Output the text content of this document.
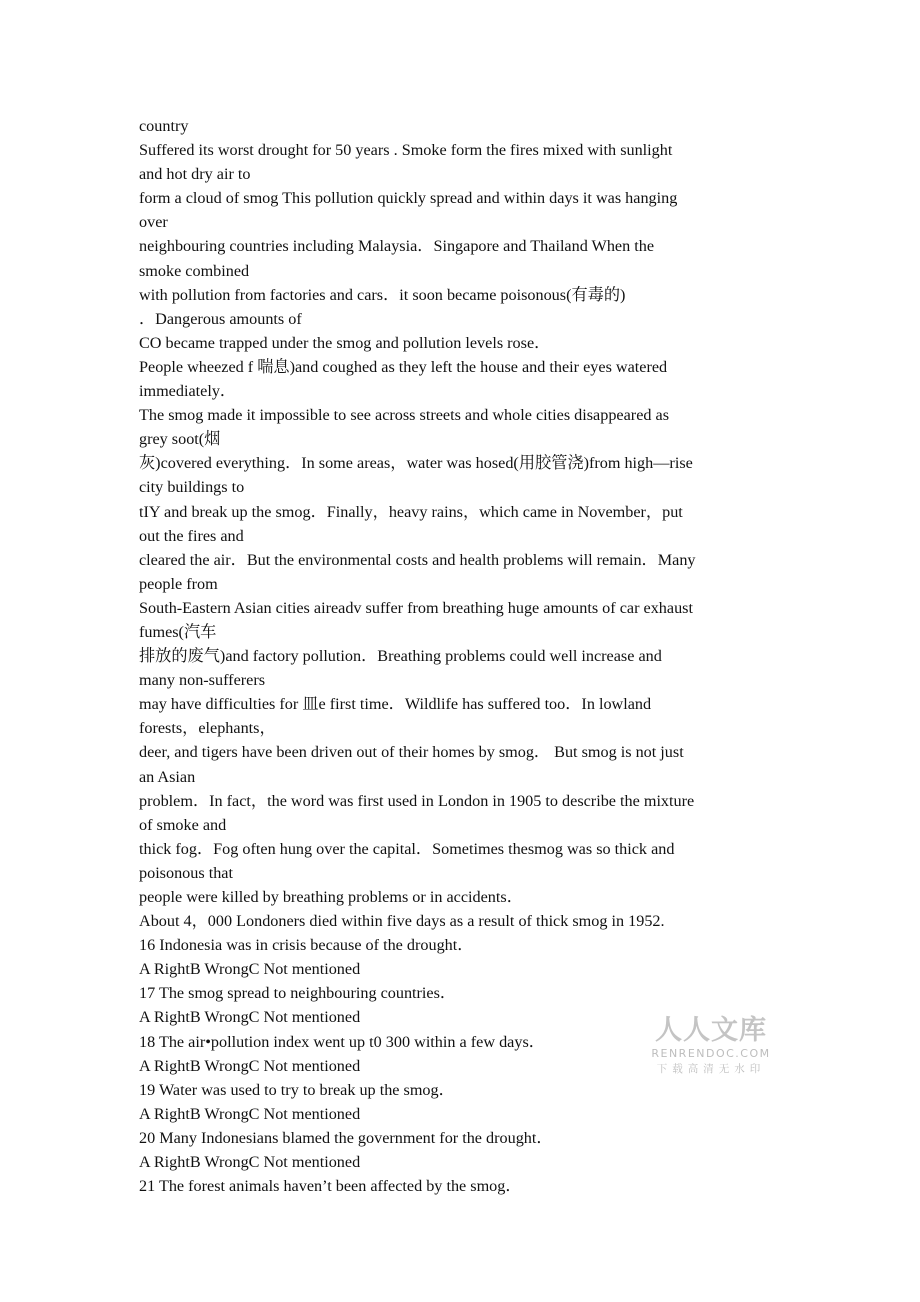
country
Suffered its worst drought for 50 years . Smoke form the fires mixed with sunlight
and hot dry air to
form a cloud of smog This pollution quickly spread and within days it was hanging
over
neighbouring countries including Malaysia．Singapore and Thailand When the
smoke combined
with pollution from factories and cars．it soon became poisonous(有毒的)
．Dangerous amounts of
CO became trapped under the smog and pollution levels rose．
People wheezed f 喘息)and coughed as they left the house and their eyes watered
immediately．
The smog made it impossible to see across streets and whole cities disappeared as
grey soot(烟
灰)covered everything．In some areas，water was hosed(用胶管浇)from high—rise
city buildings to
tIY and break up the smog．Finally，heavy rains，which came in November，put
out the fires and
cleared the air．But the environmental costs and health problems will remain．Many
people from
South-Eastern Asian cities aireadv suffer from breathing huge amounts of car exhaust
fumes(汽车
排放的废气)and factory pollution．Breathing problems could well increase and
many non-sufferers
may have difficulties for 皿e first time．Wildlife has suffered too．In lowland
forests，elephants，
deer, and tigers have been driven out of their homes by smog． But smog is not just
an Asian
problem．In fact，the word was first used in London in 1905 to describe the mixture
of smoke and
thick fog．Fog often hung over the capital．Sometimes thesmog was so thick and
poisonous that
people were killed by breathing problems or in accidents．
About 4，000 Londoners died within five days as a result of thick smog in 1952.
16 Indonesia was in crisis because of the drought．
A RightB WrongC Not mentioned
17 The smog spread to neighbouring countries．
A RightB WrongC Not mentioned
18 The air•pollution index went up t0 300 within a few days．
A RightB WrongC Not mentioned
19 Water was used to try to break up the smog．
A RightB WrongC Not mentioned
20 Many Indonesians blamed the government for the drought．
A RightB WrongC Not mentioned
21 The forest animals haven’t been affected by the smog．
人人文库
RENRENDOC.COM
下载高清无水印
